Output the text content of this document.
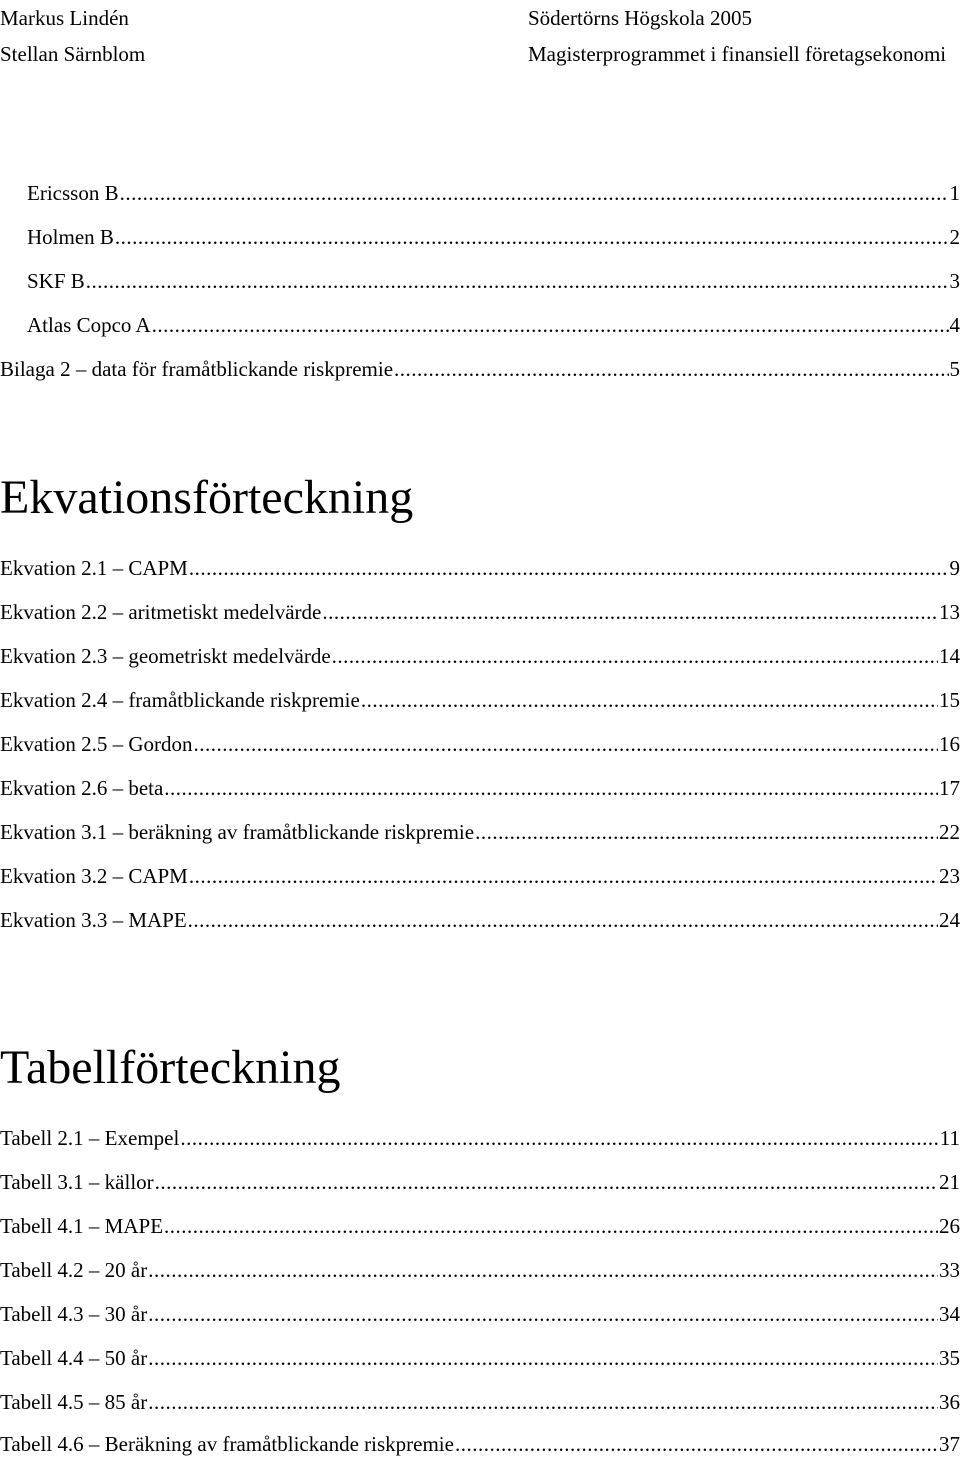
Markus Lindén
Stellan Särnblom
Södertörns Högskola 2005
Magisterprogrammet i finansiell företagsekonomi
Ericsson B .....	1
Holmen B .....	2
SKF B .....	3
Atlas Copco A .....	4
Bilaga 2 – data för framåtblickande riskpremie .....	5
Ekvationsförteckning
Ekvation 2.1 – CAPM .....	9
Ekvation 2.2 – aritmetiskt medelvärde .....	13
Ekvation 2.3 – geometriskt medelvärde .....	14
Ekvation 2.4 – framåtblickande riskpremie .....	15
Ekvation 2.5 – Gordon .....	16
Ekvation 2.6 – beta .....	17
Ekvation 3.1 – beräkning av framåtblickande riskpremie .....	22
Ekvation 3.2 – CAPM .....	23
Ekvation 3.3 – MAPE .....	24
Tabellförteckning
Tabell 2.1 – Exempel .....	11
Tabell 3.1 – källor .....	21
Tabell 4.1 – MAPE .....	26
Tabell 4.2 – 20 år .....	33
Tabell 4.3 – 30 år .....	34
Tabell 4.4 – 50 år .....	35
Tabell 4.5 – 85 år .....	36
Tabell 4.6 – Beräkning av framåtblickande riskpremie .....	37
